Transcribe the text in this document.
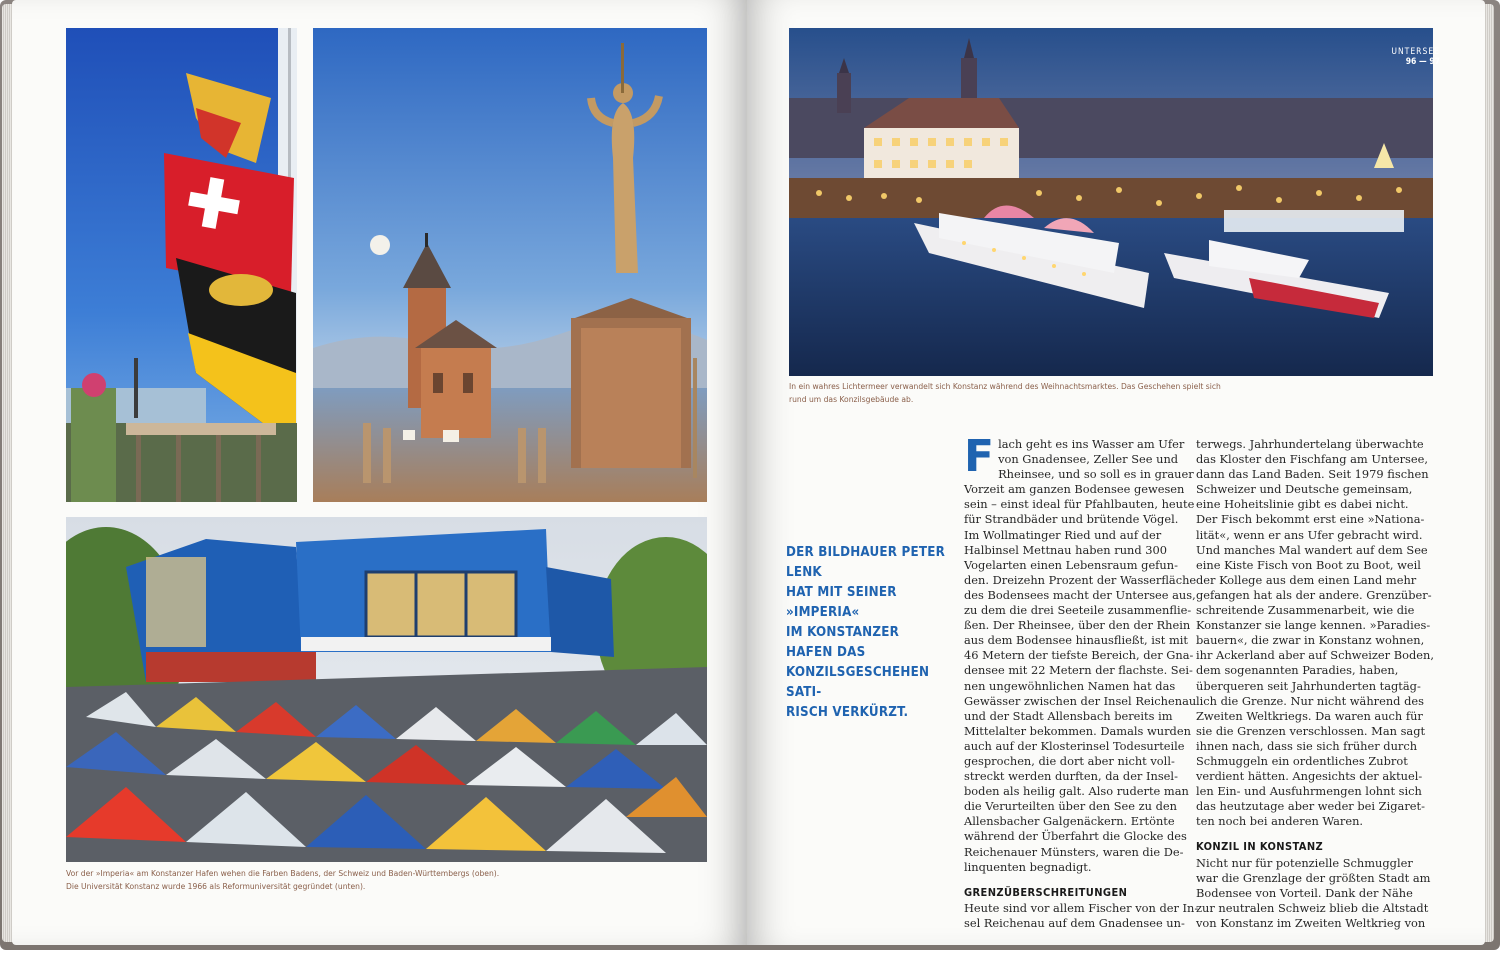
Vor der »Imperia« am Konstanzer Hafen wehen die Farben Badens, der Schweiz und Baden-Württembergs (oben).

Die Universität Konstanz wurde 1966 als Reformuniversität gegründet (unten).

UNTERSEE
96 — 97

In ein wahres Lichtermeer verwandelt sich Konstanz während des Weihnachtsmarktes. Das Geschehen spielt sich

rund um das Konzilsgebäude ab.

DER BILDHAUER PETER LENK

HAT MIT SEINER »IMPERIA«

IM KONSTANZER HAFEN DAS

KONZILSGESCHEHEN SATI-

RISCH VERKÜRZT.

F lach geht es ins Wasser am Ufer
von Gnadensee, Zeller See und
Rheinsee, und so soll es in grauer
Vorzeit am ganzen Bodensee gewesen
sein – einst ideal für Pfahlbauten, heute
für Strandbäder und brütende Vögel.
Im Wollmatinger Ried und auf der
Halbinsel Mettnau haben rund 300
Vogelarten einen Lebensraum gefun-
den. Dreizehn Prozent der Wasserfläche
des Bodensees macht der Untersee aus,
zu dem die drei Seeteile zusammenflie-
ßen. Der Rheinsee, über den der Rhein
aus dem Bodensee hinausfließt, ist mit
46 Metern der tiefste Bereich, der Gna-
densee mit 22 Metern der flachste. Sei-
nen ungewöhnlichen Namen hat das
Gewässer zwischen der Insel Reichenau
und der Stadt Allensbach bereits im
Mittelalter bekommen. Damals wurden
auch auf der Klosterinsel Todesurteile
gesprochen, die dort aber nicht voll-
streckt werden durften, da der Insel-
boden als heilig galt. Also ruderte man
die Verurteilten über den See zu den
Allensbacher Galgenäckern. Ertönte
während der Überfahrt die Glocke des
Reichenauer Münsters, waren die De-
linquenten begnadigt.
GRENZÜBERSCHREITUNGEN
Heute sind vor allem Fischer von der In-
sel Reichenau auf dem Gnadensee un-
terwegs. Jahrhundertelang überwachte
das Kloster den Fischfang am Untersee,
dann das Land Baden. Seit 1979 fischen
Schweizer und Deutsche gemeinsam,
eine Hoheitslinie gibt es dabei nicht.
Der Fisch bekommt erst eine »Nationa-
lität«, wenn er ans Ufer gebracht wird.
Und manches Mal wandert auf dem See
eine Kiste Fisch von Boot zu Boot, weil
der Kollege aus dem einen Land mehr
gefangen hat als der andere. Grenzüber-
schreitende Zusammenarbeit, wie die
Konstanzer sie lange kennen. »Paradies-
bauern«, die zwar in Konstanz wohnen,
ihr Ackerland aber auf Schweizer Boden,
dem sogenannten Paradies, haben,
überqueren seit Jahrhunderten tagtäg-
lich die Grenze. Nur nicht während des
Zweiten Weltkriegs. Da waren auch für
sie die Grenzen verschlossen. Man sagt
ihnen nach, dass sie sich früher durch
Schmuggeln ein ordentliches Zubrot
verdient hätten. Angesichts der aktuel-
len Ein- und Ausfuhrmengen lohnt sich
das heutzutage aber weder bei Zigaret-
ten noch bei anderen Waren.
KONZIL IN KONSTANZ
Nicht nur für potenzielle Schmuggler
war die Grenzlage der größten Stadt am
Bodensee von Vorteil. Dank der Nähe
zur neutralen Schweiz blieb die Altstadt
von Konstanz im Zweiten Weltkrieg von
